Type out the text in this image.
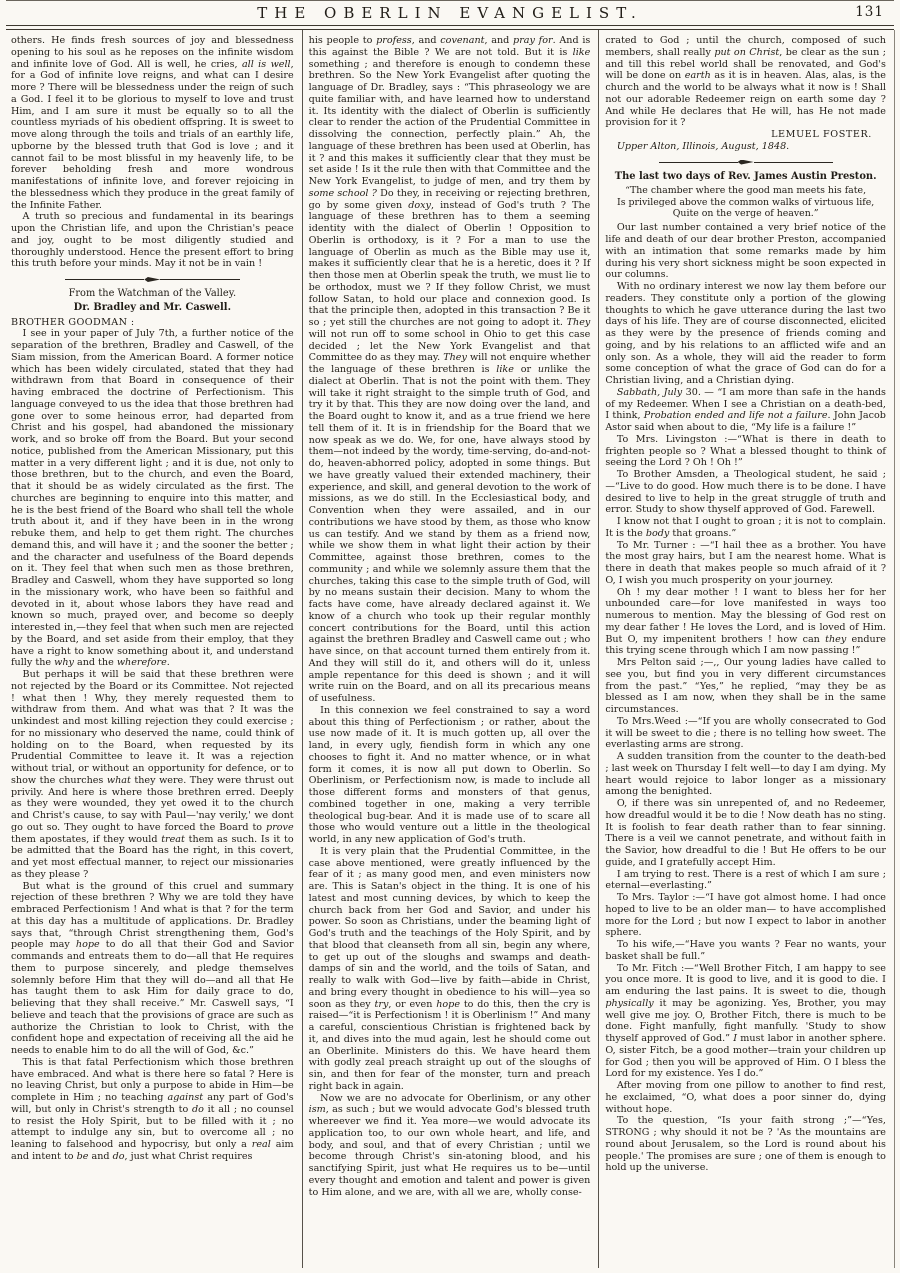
THE OBERLIN EVANGELIST.	131

others. He finds fresh sources of joy and blessedness opening to his soul as he reposes on the infinite wisdom and infinite love of God. All is well, he cries, all is well, for a God of infinite love reigns, and what can I desire more ? There will be blessedness under the reign of such a God. I feel it to be glorious to myself to love and trust Him, and I am sure it must be equally so to all the countless myriads of his obedient offspring. It is sweet to move along through the toils and trials of an earthly life, upborne by the blessed truth that God is love ; and it cannot fail to be most blissful in my heavenly life, to be forever beholding fresh and more wondrous manifestations of infinite love, and forever rejoicing in the blessedness which they produce in the great family of the Infinite Father.

A truth so precious and fundamental in its bearings upon the Christian life, and upon the Christian's peace and joy, ought to be most diligently studied and thoroughly understood. Hence the present effort to bring this truth before your minds. May it not be in vain !

From the Watchman of the Valley.

Dr. Bradley and Mr. Caswell.

BROTHER GOODMAN :

I see in your paper of July 7th, a further notice of the separation of the brethren, Bradley and Caswell, of the Siam mission, from the American Board. A former notice which has been widely circulated, stated that they had withdrawn from that Board in consequence of their having embraced the doctrine of Perfectionism. This language conveyed to us the idea that those brethren had gone over to some heinous error, had departed from Christ and his gospel, had abandoned the missionary work, and so broke off from the Board. But your second notice, published from the American Missionary, put this matter in a very different light ; and it is due, not only to those brethren, but to the church, and even the Board, that it should be as widely circulated as the first. The churches are beginning to enquire into this matter, and he is the best friend of the Board who shall tell the whole truth about it, and if they have been in in the wrong rebuke them, and help to get them right. The churches demand this, and will have it ; and the sooner the better ; and the character and usefulness of the Board depends on it. They feel that when such men as those brethren, Bradley and Caswell, whom they have supported so long in the missionary work, who have been so faithful and devoted in it, about whose labors they have read and known so much, prayed over, and become so deeply interested in,—they feel that when such men are rejected by the Board, and set aside from their employ, that they have a right to know something about it, and understand fully the why and the wherefore.

But perhaps it will be said that these brethren were not rejected by the Board or its Committee. Not rejected ! what then ! Why, they merely requested them to withdraw from them. And what was that ? It was the unkindest and most killing rejection they could exercise ; for no missionary who deserved the name, could think of holding on to the Board, when requested by its Prudential Committee to leave it. It was a rejection without trial, or without an opportunity for defence, or to show the churches what they were. They were thrust out privily. And here is where those brethren erred. Deeply as they were wounded, they yet owed it to the church and Christ's cause, to say with Paul—'nay verily,' we dont go out so. They ought to have forced the Board to prove them apostates, if they would treat them as such. Is it to be admitted that the Board has the right, in this covert, and yet most effectual manner, to reject our missionaries as they please ?

But what is the ground of this cruel and summary rejection of these brethren ? Why we are told they have embraced Perfectionism ! And what is that ? for the term at this day has a multitude of applications. Dr. Bradley says that, “through Christ strengthening them, God's people may hope to do all that their God and Savior commands and entreats them to do—all that He requires them to purpose sincerely, and pledge themselves solemnly before Him that they will do—and all that He has taught them to ask Him for daily grace to do, believing that they shall receive.” Mr. Caswell says, “I believe and teach that the provisions of grace are such as authorize the Christian to look to Christ, with the confident hope and expectation of receiving all the aid he needs to enable him to do all the will of God, &c.”

This is that fatal Perfectionism which those brethren have embraced. And what is there here so fatal ? Here is no leaving Christ, but only a purpose to abide in Him—be complete in Him ; no teaching against any part of God's will, but only in Christ's strength to do it all ; no counsel to resist the Holy Spirit, but to be filled with it ; no attempt to indulge any sin, but to overcome all ; no leaning to falsehood and hypocrisy, but only a real aim and intent to be and do, just what Christ requires

his people to profess, and covenant, and pray for. And is this against the Bible ? We are not told. But it is like something ; and therefore is enough to condemn these brethren. So the New York Evangelist after quoting the language of Dr. Bradley, says : “This phraseology we are quite familiar with, and have learned how to understand it. Its identity with the dialect of Oberlin is sufficiently clear to render the action of the Prudential Committee in dissolving the connection, perfectly plain.” Ah, the language of these brethren has been used at Oberlin, has it ? and this makes it sufficiently clear that they must be set aside ! Is it the rule then with that Committee and the New York Evangelist, to judge of men, and try them by some school ? Do they, in receiving or rejecting brethren, go by some given doxy, instead of God's truth ? The language of these brethren has to them a seeming identity with the dialect of Oberlin ! Opposition to Oberlin is orthodoxy, is it ? For a man to use the language of Oberlin as much as the Bible may use it, makes it sufficiently clear that he is a heretic, does it ? If then those men at Oberlin speak the truth, we must lie to be orthodox, must we ? If they follow Christ, we must follow Satan, to hold our place and connexion good. Is that the principle then, adopted in this transaction ? Be it so ; yet still the churches are not going to adopt it. They will not run off to some school in Ohio to get this case decided ; let the New York Evangelist and that Committee do as they may. They will not enquire whether the language of these brethren is like or unlike the dialect at Oberlin. That is not the point with them. They will take it right straight to the simple truth of God, and try it by that. This they are now doing over the land, and the Board ought to know it, and as a true friend we here tell them of it. It is in friendship for the Board that we now speak as we do. We, for one, have always stood by them—not indeed by the wordy, time-serving, do-and-not-do, heaven-abhorred policy, adopted in some things. But we have greatly valued their extended machinery, their experience, and skill, and general devotion to the work of missions, as we do still. In the Ecclesiastical body, and Convention when they were assailed, and in our contributions we have stood by them, as those who know us can testify. And we stand by them as a friend now, while we show them in what light their action by their Committee, against those brethren, comes to the community ; and while we solemnly assure them that the churches, taking this case to the simple truth of God, will by no means sustain their decision. Many to whom the facts have come, have already declared against it. We know of a church who took up their regular monthly concert contributions for the Board, until this action against the brethren Bradley and Caswell came out ; who have since, on that account turned them entirely from it. And they will still do it, and others will do it, unless ample repentance for this deed is shown ; and it will write ruin on the Board, and on all its precarious means of usefulness.

In this connexion we feel constrained to say a word about this thing of Perfectionism ; or rather, about the use now made of it. It is much gotten up, all over the land, in every ugly, fiendish form in which any one chooses to fight it. And no matter whence, or in what form it comes, it is now all put down to Oberlin. So Oberlinism, or Perfectionism now, is made to include all those different forms and monsters of that genus, combined together in one, making a very terrible theological bug-bear. And it is made use of to scare all those who would venture out a little in the theological world, in any new application of God's truth.

It is very plain that the Prudential Committee, in the case above mentioned, were greatly influenced by the fear of it ; as many good men, and even ministers now are. This is Satan's object in the thing. It is one of his latest and most cunning devices, by which to keep the church back from her God and Savior, and under his power. So soon as Christians, under the beaming light of God's truth and the teachings of the Holy Spirit, and by that blood that cleanseth from all sin, begin any where, to get up out of the sloughs and swamps and death-damps of sin and the world, and the toils of Satan, and really to walk with God—live by faith—abide in Christ, and bring every thought in obedience to his will—yea so soon as they try, or even hope to do this, then the cry is raised—“it is Perfectionism ! it is Oberlinism !” And many a careful, conscientious Christian is frightened back by it, and dives into the mud again, lest he should come out an Oberlinite. Ministers do this. We have heard them with godly zeal preach straight up out of the sloughs of sin, and then for fear of the monster, turn and preach right back in again.

Now we are no advocate for Oberlinism, or any other ism, as such ; but we would advocate God's blessed truth whereever we find it. Yea more—we would advocate its application too, to our own whole heart, and life, and body, and soul, and that of every Christian ; until we become through Christ's sin-atoning blood, and his sanctifying Spirit, just what He requires us to be—until every thought and emotion and talent and power is given to Him alone, and we are, with all we are, wholly conse-

crated to God ; until the church, composed of such members, shall really put on Christ, be clear as the sun ; and till this rebel world shall be renovated, and God's will be done on earth as it is in heaven. Alas, alas, is the church and the world to be always what it now is ! Shall not our adorable Redeemer reign on earth some day ? And while He declares that He will, has He not made provision for it ?

LEMUEL FOSTER.

Upper Alton, Illinois, August, 1848.

The last two days of Rev. James Austin Preston.

“The chamber where the good man meets his fate,
Is privileged above the common walks of virtuous life,
Quite on the verge of heaven.”

Our last number contained a very brief notice of the life and death of our dear brother Preston, accompanied with an intimation that some remarks made by him during his very short sickness might be soon expected in our columns.

With no ordinary interest we now lay them before our readers. They constitute only a portion of the glowing thoughts to which he gave utterance during the last two days of his life. They are of course disconnected, elicited as they were by the presence of friends coming and going, and by his relations to an afflicted wife and an only son. As a whole, they will aid the reader to form some conception of what the grace of God can do for a Christian living, and a Christian dying.

Sabbath, July 30. — “I am more than safe in the hands of my Redeemer. When I see a Christian on a death-bed, I think, Probation ended and life not a failure. John Jacob Astor said when about to die, “My life is a failure !”

To Mrs. Livingston :—“What is there in death to frighten people so ? What a blessed thought to think of seeing the Lord ? Oh ! Oh !”

To Brother Amsden, a Theological student, he said ;—“Live to do good. How much there is to be done. I have desired to live to help in the great struggle of truth and error. Study to show thyself approved of God. Farewell.

I know not that I ought to groan ; it is not to complain. It is the body that groans.”

To Mr. Turner : —“I hail thee as a brother. You have the most gray hairs, but I am the nearest home. What is there in death that makes people so much afraid of it ? O, I wish you much prosperity on your journey.

Oh ! my dear mother ! I want to bless her for her unbounded care—for love manifested in ways too numerous to mention. May the blessing of God rest on my dear father ! He loves the Lord, and is loved of Him. But O, my impenitent brothers ! how can they endure this trying scene through which I am now passing !”

Mrs Pelton said ;—,, Our young ladies have called to see you, but find you in very different circumstances from the past.” “Yes,” he replied, “may they be as blessed as I am now, when they shall be in the same circumstances.

To Mrs.Weed :—“If you are wholly consecrated to God it will be sweet to die ; there is no telling how sweet. The everlasting arms are strong.

A sudden transition from the counter to the death-bed ; last week on Thursday I felt well—to day I am dying. My heart would rejoice to labor longer as a missionary among the benighted.

O, if there was sin unrepented of, and no Redeemer, how dreadful would it be to die ! Now death has no sting. It is foolish to fear death rather than to fear sinning. There is a veil we cannot penetrate, and without faith in the Savior, how dreadful to die ! But He offers to be our guide, and I gratefully accept Him.

I am trying to rest. There is a rest of which I am sure ; eternal—everlasting.”

To Mrs. Taylor :—“I have got almost home. I had once hoped to live to be an older man— to have accomplished more for the Lord ; but now I expect to labor in another sphere.

To his wife,—“Have you wants ? Fear no wants, your basket shall be full.”

To Mr. Fitch :—“Well Brother Fitch, I am happy to see you once more. It is good to live, and it is good to die. I am enduring the last pains. It is sweet to die, though physically it may be agonizing. Yes, Brother, you may well give me joy. O, Brother Fitch, there is much to be done. Fight manfully, fight manfully. 'Study to show thyself approved of God.” I must labor in another sphere. O, sister Fitch, be a good mother—train your children up for God ; then you will be approved of Him. O I bless the Lord for my existence. Yes I do.”

After moving from one pillow to another to find rest, he exclaimed, “O, what does a poor sinner do, dying without hope.

To the question, “Is your faith strong ;”—“Yes, STRONG ; why should it not be ? 'As the mountains are round about Jerusalem, so the Lord is round about his people.' The promises are sure ; one of them is enough to hold up the universe.
